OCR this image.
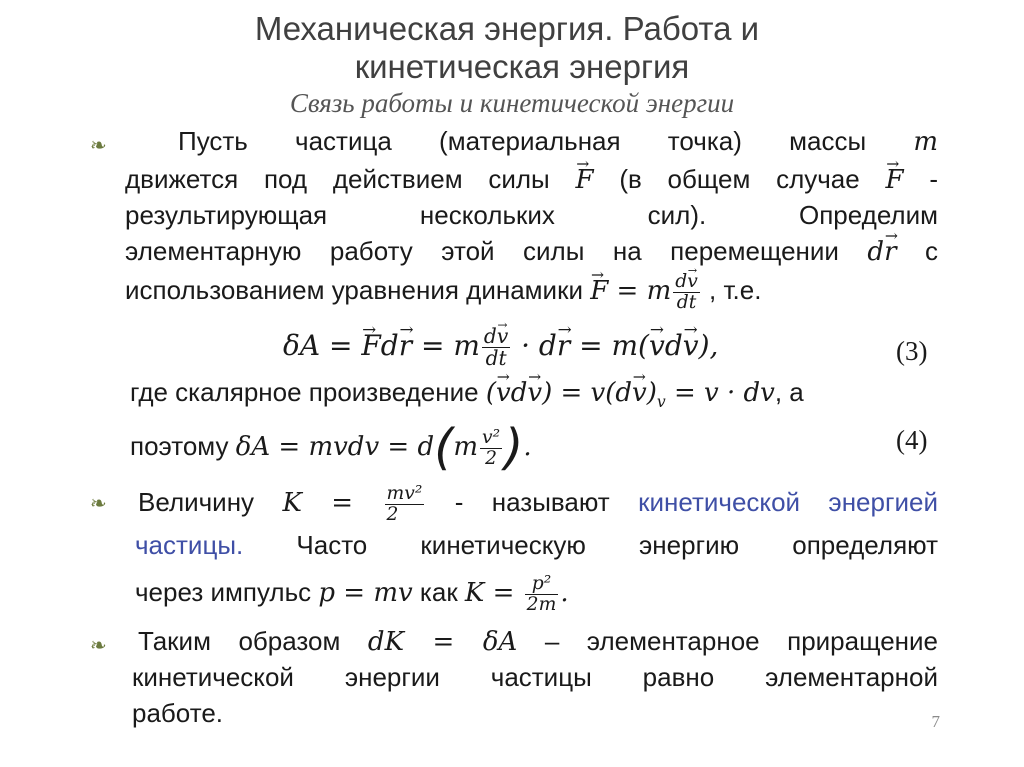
Механическая энергия. Работа и
кинетическая энергия
Связь работы и кинетической энергии
❧	Пусть частица (материальная точка) массы m
движется под действием силы → F (в общем случае → F -
результирующая нескольких сил). Определим
элементарную работу этой силы на перемещении d→ r с
использованием уравнения динамики → F = m $\frac{d\to v}{dt}$ , т.е.
δA = → Fd→ r = m $\frac{d\to v}{dt} \cdot d\to r = m(\to vd\to v)$,	(3)
где скалярное произведение (→ $vd\to v) = v(d\to v)_v = v$ · dv, а
поэтому δA = mvdv = $d(m \frac{\text{v²}}{2}$ ).	(4)
❧ Величину $K = \frac{\text{mv²}}{2}$ - называют кинетической энергией
частицы. Часто кинетическую энергию определяют
через импульс p = mv как $K = \frac{\text{p²}}{2m}$ .
❧ Таким образом dK = δA – элементарное приращение
кинетической энергии частицы равно элементарной
работе.	7
